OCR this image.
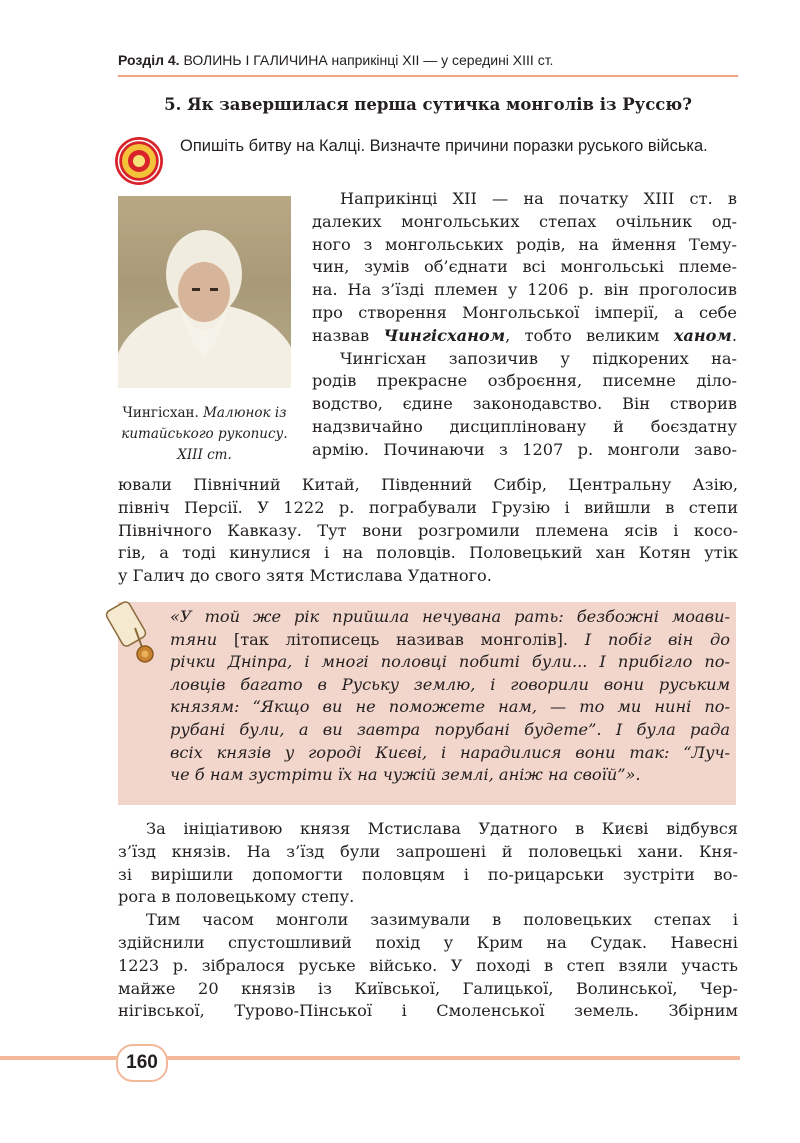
Розділ 4. ВОЛИНЬ І ГАЛИЧИНА наприкінці XII — у середині XIII ст.
5. Як завершилася перша сутичка монголів із Руссю?
Опишіть битву на Калці. Визначте причини поразки руського війська.
Чингісхан. Малюнок із китайського рукопису. XIII ст.
Наприкінці XII — на початку XIII ст. в
далеких монгольських степах очільник од-
ного з монгольських родів, на ймення Тему-
чин, зумів об’єднати всі монгольські племе-
на. На з’їзді племен у 1206 р. він проголосив
про створення Монгольської імперії, а себе
назвав Чингісханом, тобто великим ханом.
Чингісхан запозичив у підкорених на-
родів прекрасне озброєння, писемне діло-
водство, єдине законодавство. Він створив
надзвичайно дисципліновану й боєздатну
армію. Починаючи з 1207 р. монголи заво-
ювали Північний Китай, Південний Сибір, Центральну Азію,
північ Персії. У 1222 р. пограбували Грузію і вийшли в степи
Північного Кавказу. Тут вони розгромили племена ясів і косо-
гів, а тоді кинулися і на половців. Половецький хан Котян утік
у Галич до свого зятя Мстислава Удатного.
«У той же рік прийшла нечувана рать: безбожні моави-
тяни [так літописець називав монголів]. І побіг він до
річки Дніпра, і многі половці побиті були... І прибігло по-
ловців багато в Руську землю, і говорили вони руським
князям: “Якщо ви не поможете нам, — то ми нині по-
рубані були, а ви завтра порубані будете”. І була рада
всіх князів у городі Києві, і нарадилися вони так: “Луч-
че б нам зустріти їх на чужій землі, аніж на своїй”».
За ініціативою князя Мстислава Удатного в Києві відбувся
з’їзд князів. На з’їзд були запрошені й половецькі хани. Кня-
зі вирішили допомогти половцям і по-рицарськи зустріти во-
рога в половецькому степу.
Тим часом монголи зазимували в половецьких степах і
здійснили спустошливий похід у Крим на Судак. Навесні
1223 р. зібралося руське військо. У поході в степ взяли участь
майже 20 князів із Київської, Галицької, Волинської, Чер-
нігівської, Турово-Пінської і Смоленської земель. Збірним
160
